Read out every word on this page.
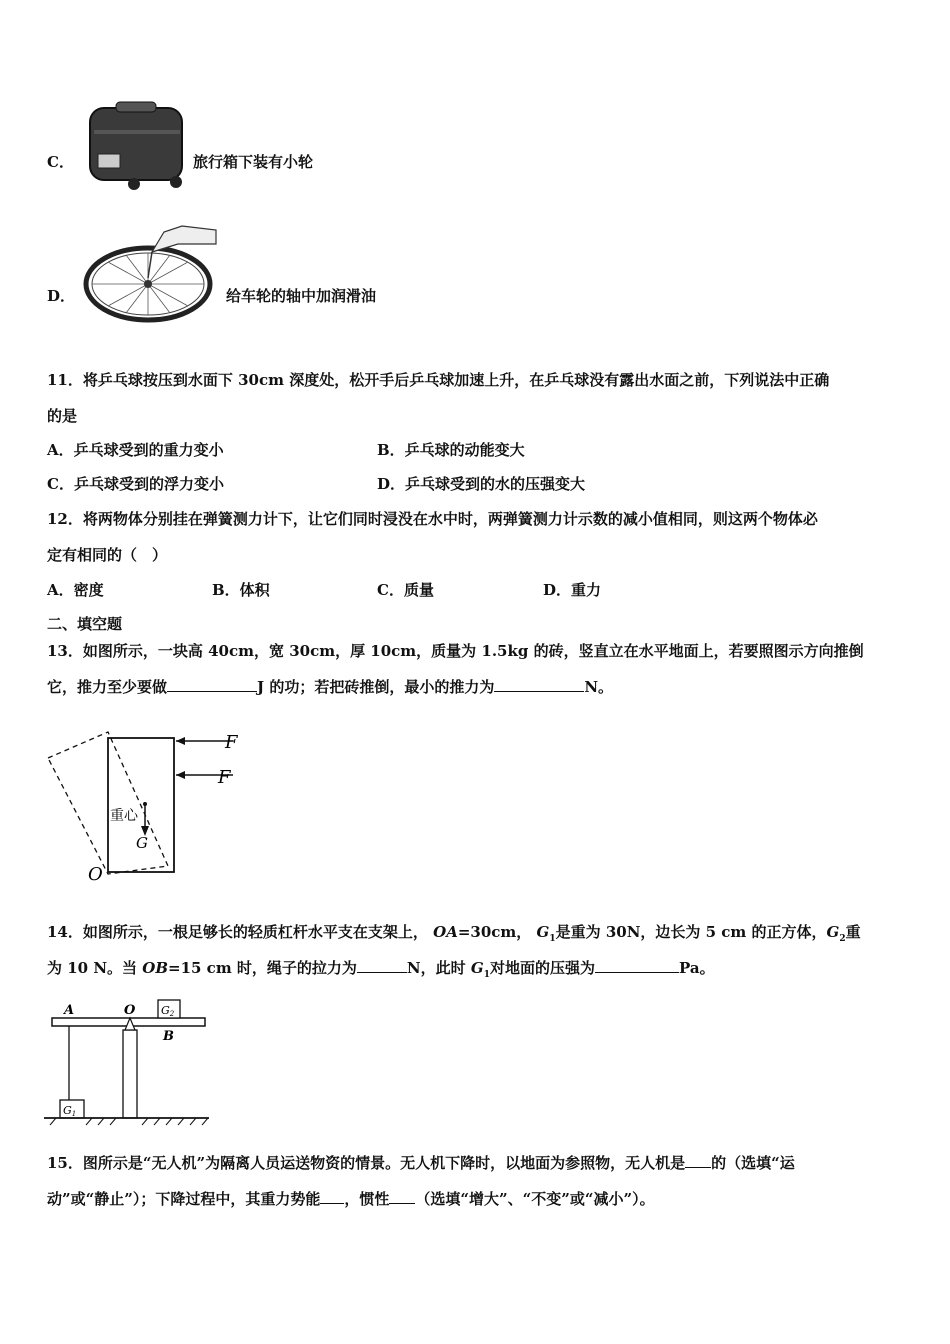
C．	旅行箱下装有小轮
D．	给车轮的轴中加润滑油
11．将乒乓球按压到水面下 30cm 深度处，松开手后乒乓球加速上升，在乒乓球没有露出水面之前，下列说法中正确
的是
A．乒乓球受到的重力变小	B．乒乓球的动能变大
C．乒乓球受到的浮力变小	D．乒乓球受到的水的压强变大
12．将两物体分别挂在弹簧测力计下，让它们同时浸没在水中时，两弹簧测力计示数的减小值相同，则这两个物体必
定有相同的（　）
A．密度	B．体积	C．质量	D．重力
二、填空题
13．如图所示，一块高 40cm，宽 30cm，厚 10cm，质量为 1.5kg 的砖，竖直立在水平地面上，若要照图示方向推倒
它，推力至少要做	J 的功；若把砖推倒，最小的推力为	N。
F
F
重心
G
O
14．如图所示，一根足够长的轻质杠杆水平支在支架上， OA=30cm， $G_1$是重为 30N，边长为 5 cm 的正方体，$G_2$重
为 10 N。当 OB=15 cm 时，绳子的拉力为	N，此时 $G_1$对地面的压强为	Pa。
A	O
B
G2
G1
15．图所示是“无人机”为隔离人员运送物资的情景。无人机下降时，以地面为参照物，无人机是 的（选填“运
动”或“静止”）；下降过程中，其重力势能 ，惯性 （选填“增大”、“不变”或“减小”）。
